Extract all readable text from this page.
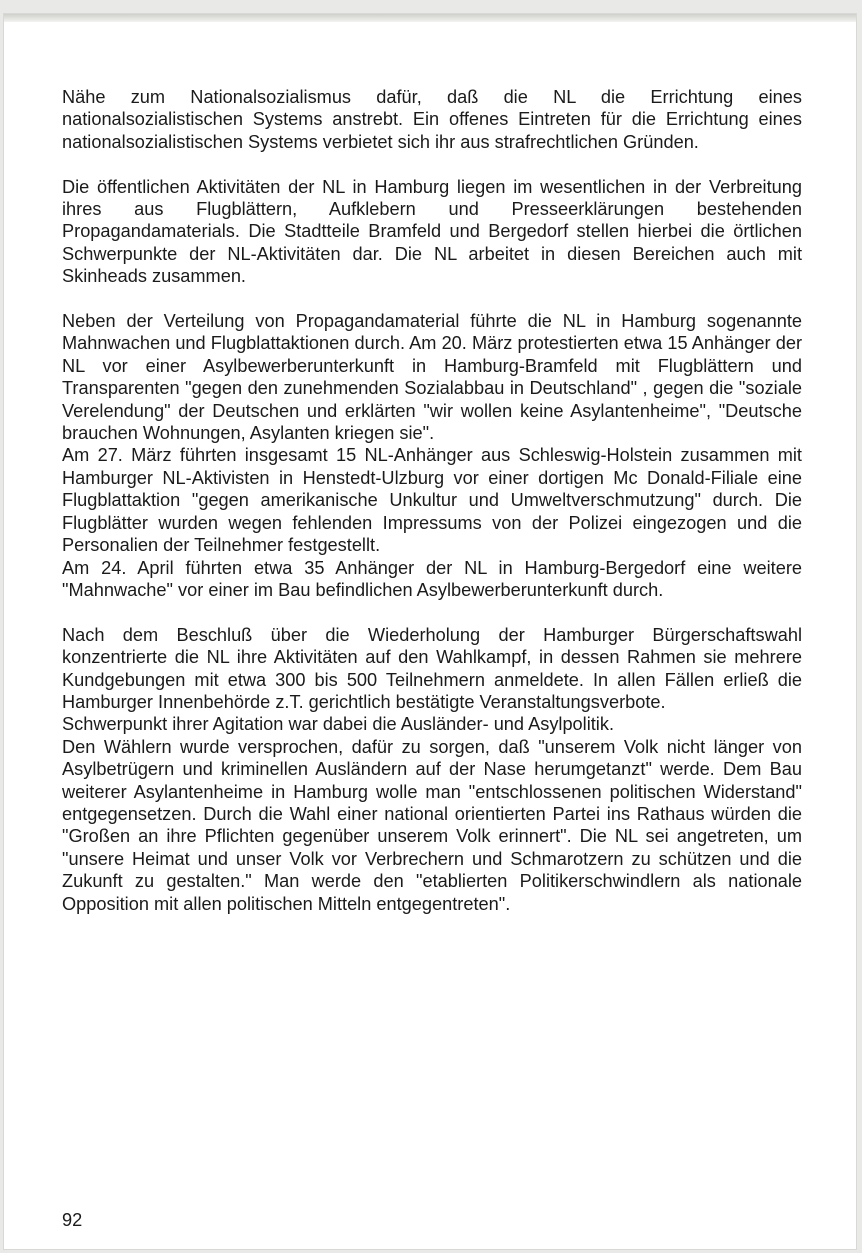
Nähe zum Nationalsozialismus dafür, daß die NL die Errichtung eines nationalsozialistischen Systems anstrebt. Ein offenes Eintreten für die Errichtung eines nationalsozialistischen Systems verbietet sich ihr aus strafrechtlichen Gründen.

Die öffentlichen Aktivitäten der NL in Hamburg liegen im wesentlichen in der Verbreitung ihres aus Flugblättern, Aufklebern und Presseerklärungen bestehenden Propagandamaterials. Die Stadtteile Bramfeld und Bergedorf stellen hierbei die örtlichen Schwerpunkte der NL-Aktivitäten dar. Die NL arbeitet in diesen Bereichen auch mit Skinheads zusammen.

Neben der Verteilung von Propagandamaterial führte die NL in Hamburg sogenannte Mahnwachen und Flugblattaktionen durch. Am 20. März protestierten etwa 15 Anhänger der NL vor einer Asylbewerberunterkunft in Hamburg-Bramfeld mit Flugblättern und Transparenten "gegen den zunehmenden Sozialabbau in Deutschland" , gegen die "soziale Verelendung" der Deutschen und erklärten "wir wollen keine Asylantenheime", "Deutsche brauchen Wohnungen, Asylanten kriegen sie".

Am 27. März führten insgesamt 15 NL-Anhänger aus Schleswig-Holstein zusammen mit Hamburger NL-Aktivisten in Henstedt-Ulzburg vor einer dortigen Mc Donald-Filiale eine Flugblattaktion "gegen amerikanische Unkultur und Umweltverschmutzung" durch. Die Flugblätter wurden wegen fehlenden Impressums von der Polizei eingezogen und die Personalien der Teilnehmer festgestellt.

Am 24. April führten etwa 35 Anhänger der NL in Hamburg-Bergedorf eine weitere "Mahnwache" vor einer im Bau befindlichen Asylbewerberunterkunft durch.

Nach dem Beschluß über die Wiederholung der Hamburger Bürgerschaftswahl konzentrierte die NL ihre Aktivitäten auf den Wahlkampf, in dessen Rahmen sie mehrere Kundgebungen mit etwa 300 bis 500 Teilnehmern anmeldete. In allen Fällen erließ die Hamburger Innenbehörde z.T. gerichtlich bestätigte Veranstaltungsverbote.

Schwerpunkt ihrer Agitation war dabei die Ausländer- und Asylpolitik.

Den Wählern wurde versprochen, dafür zu sorgen, daß "unserem Volk nicht länger von Asylbetrügern und kriminellen Ausländern auf der Nase herumgetanzt" werde. Dem Bau weiterer Asylantenheime in Hamburg wolle man "entschlossenen politischen Widerstand" entgegensetzen. Durch die Wahl einer national orientierten Partei ins Rathaus würden die "Großen an ihre Pflichten gegenüber unserem Volk erinnert". Die NL sei angetreten, um "unsere Heimat und unser Volk vor Verbrechern und Schmarotzern zu schützen und die Zukunft zu gestalten." Man werde den "etablierten Politikerschwindlern als nationale Opposition mit allen politischen Mitteln entgegentreten".

92
